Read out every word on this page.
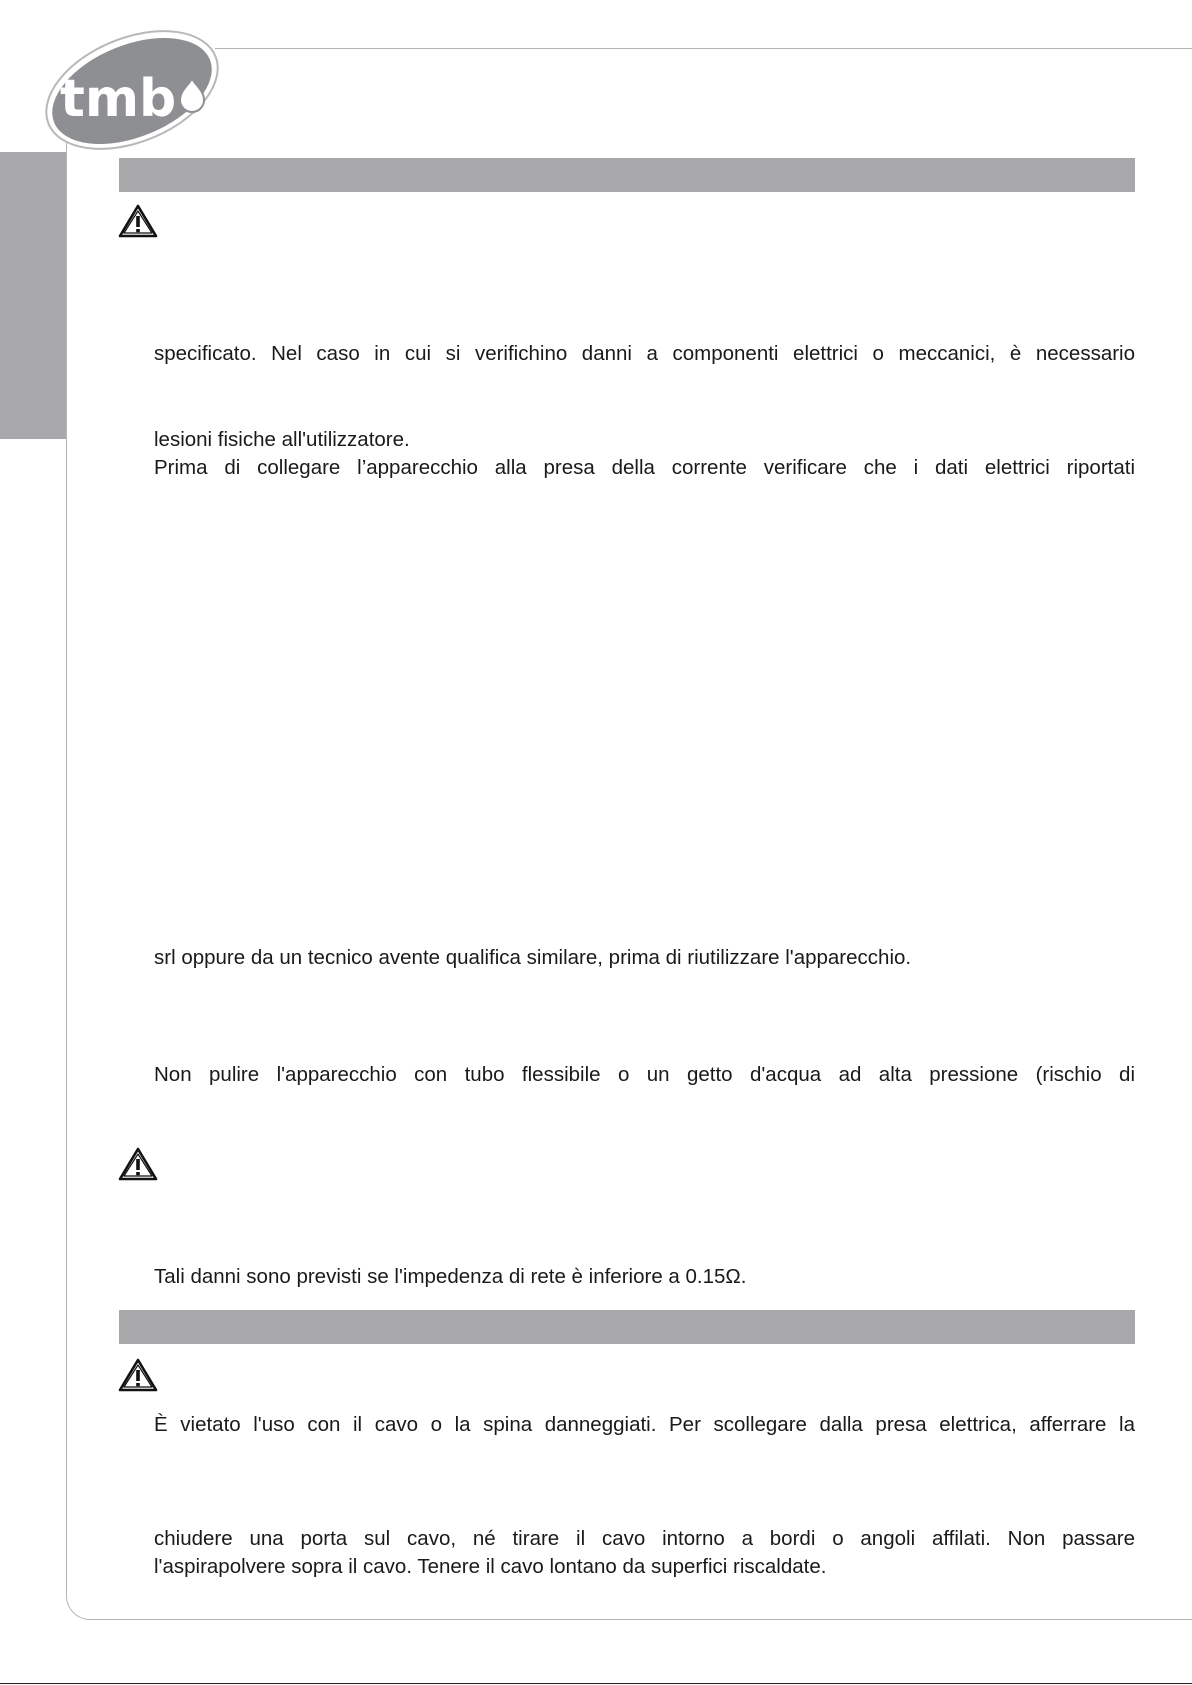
tmb

specificato. Nel caso in cui si verifichino danni a componenti elettrici o meccanici, è necessario

lesioni fisiche all'utilizzatore.

Prima di collegare l’apparecchio alla presa della corrente verificare che i dati elettrici riportati

srl oppure da un tecnico avente qualifica similare, prima di riutilizzare l'apparecchio.

Non pulire l'apparecchio con tubo flessibile o un getto d'acqua ad alta pressione (rischio di

Tali danni sono previsti se l'impedenza di rete è inferiore a 0.15Ω.

È vietato l'uso con il cavo o la spina danneggiati. Per scollegare dalla presa elettrica, afferrare la

chiudere una porta sul cavo, né tirare il cavo intorno a bordi o angoli affilati. Non passare

l'aspirapolvere sopra il cavo. Tenere il cavo lontano da superfici riscaldate.
